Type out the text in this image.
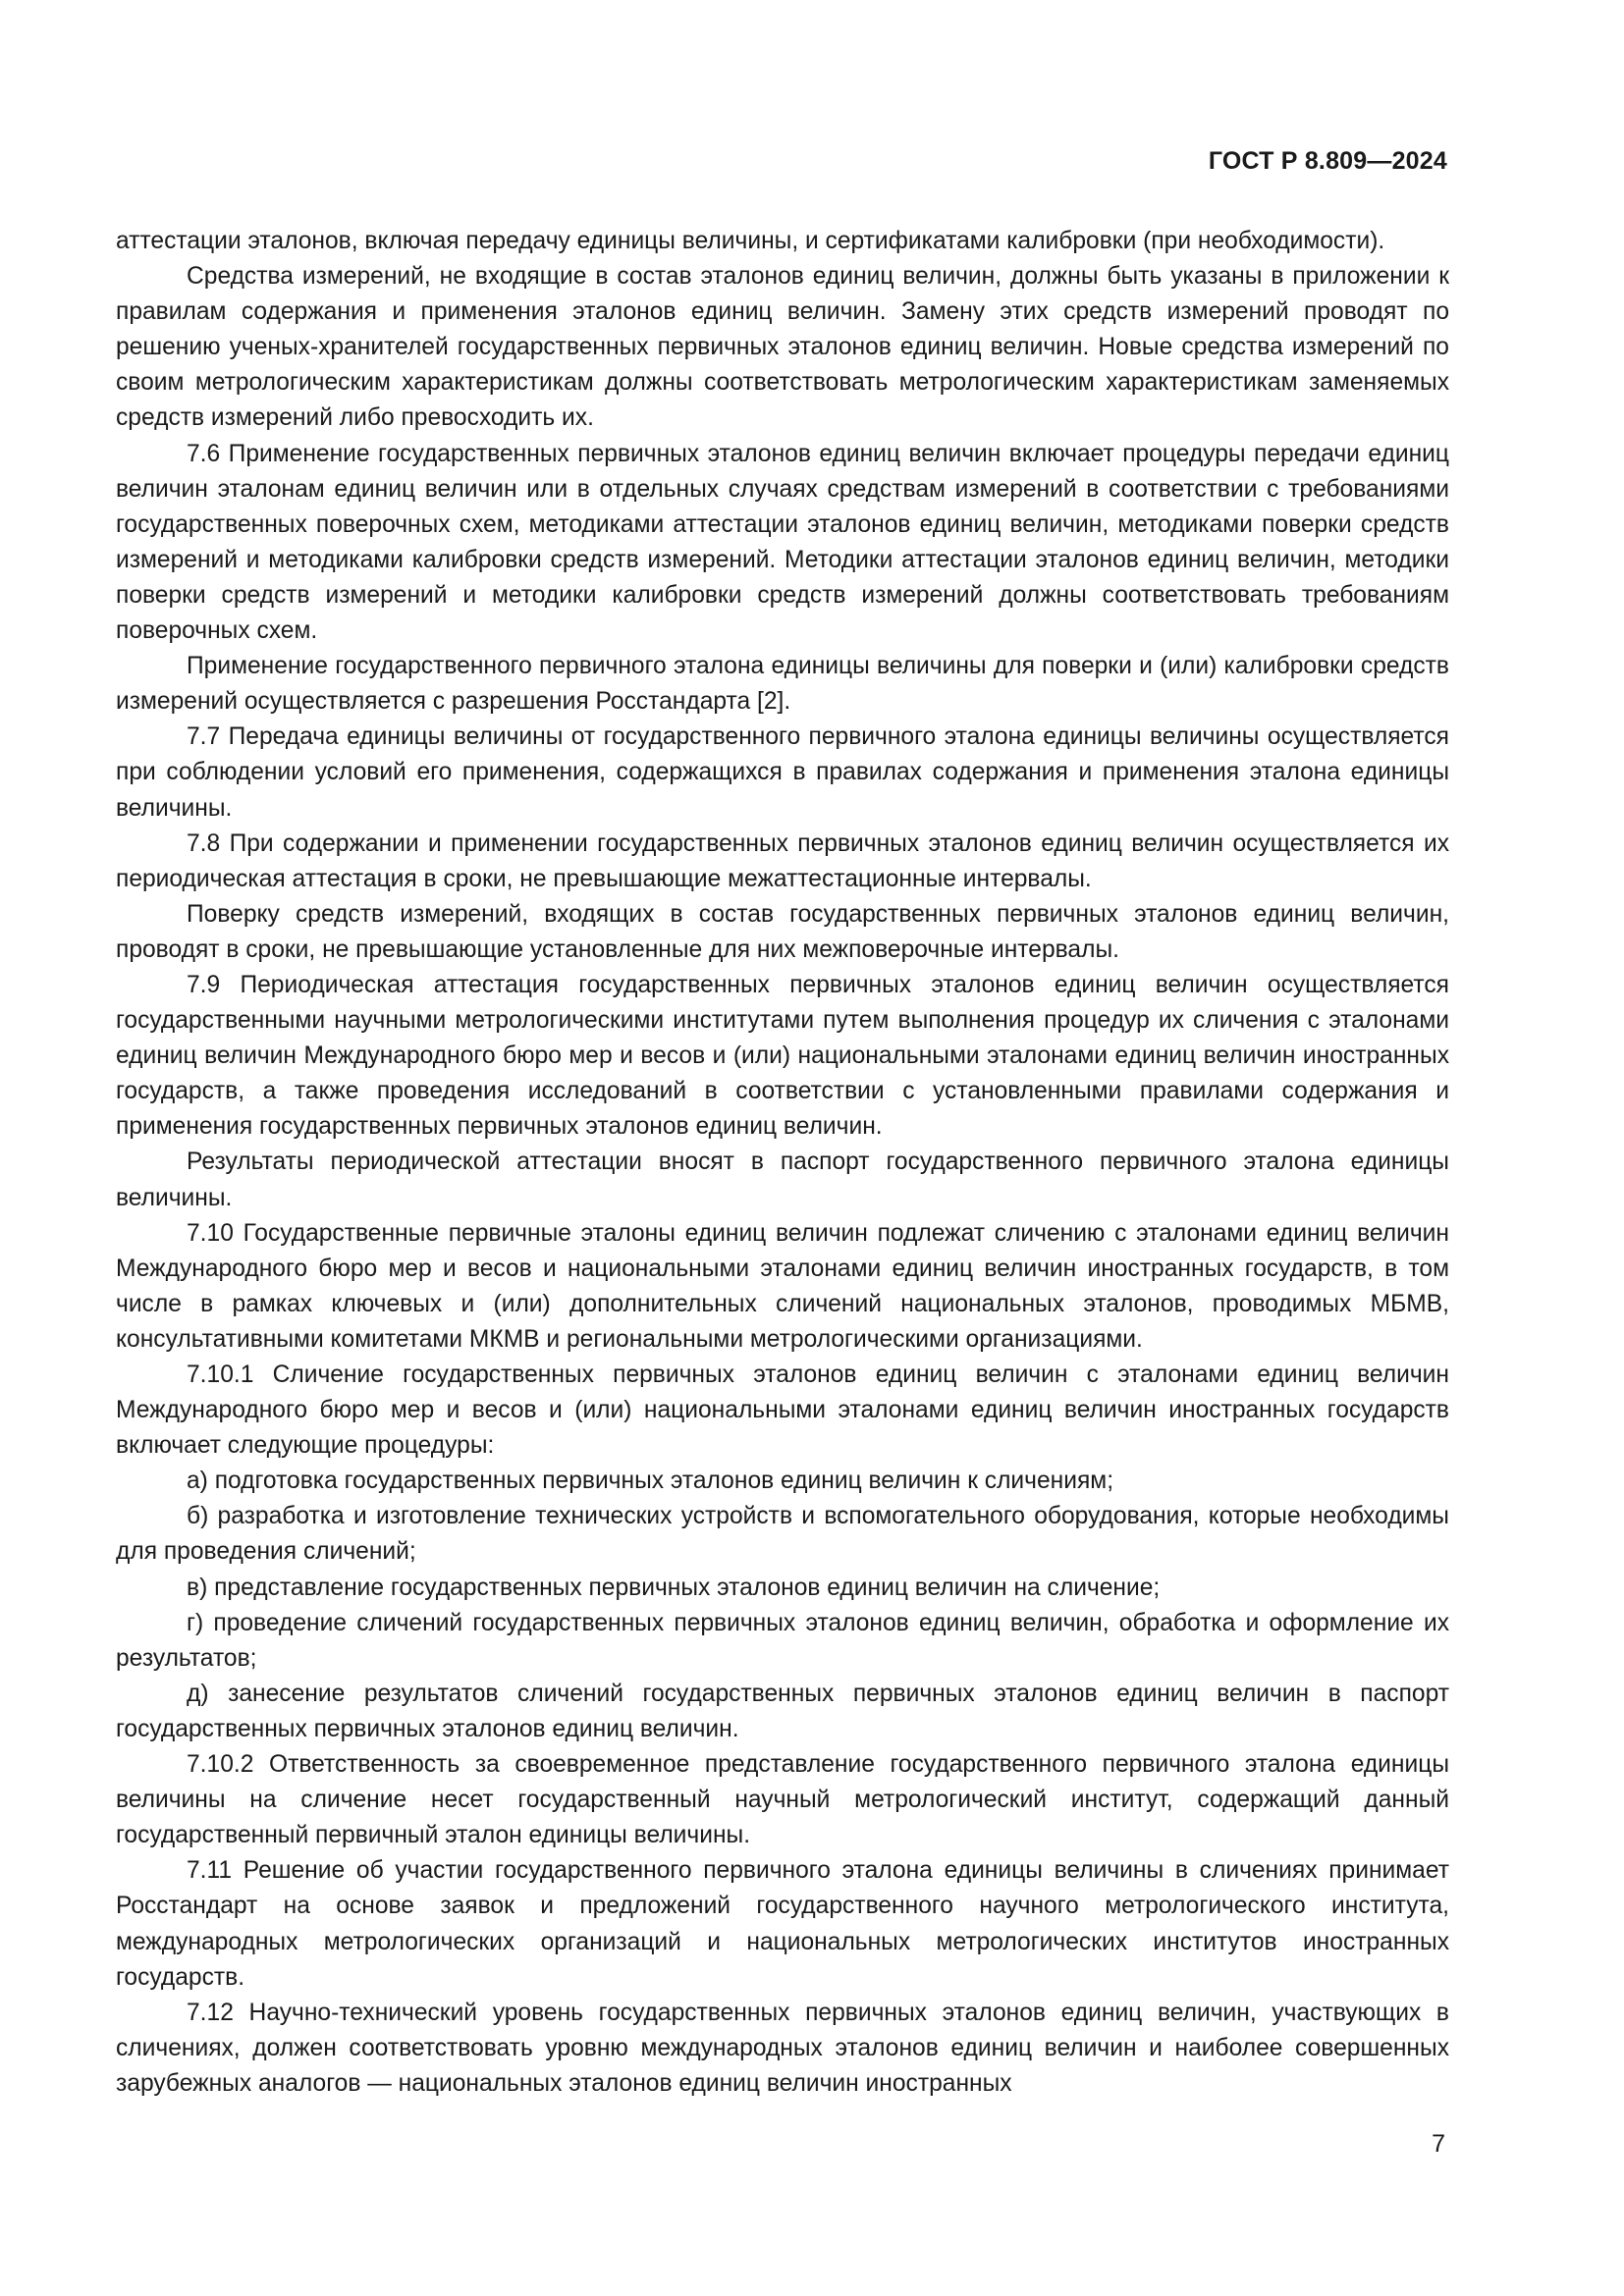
ГОСТ Р 8.809—2024

аттестации эталонов, включая передачу единицы величины, и сертификатами калибровки (при необходимости).

Средства измерений, не входящие в состав эталонов единиц величин, должны быть указаны в приложении к правилам содержания и применения эталонов единиц величин. Замену этих средств измерений проводят по решению ученых-хранителей государственных первичных эталонов единиц величин. Новые средства измерений по своим метрологическим характеристикам должны соответствовать метрологическим характеристикам заменяемых средств измерений либо превосходить их.

7.6 Применение государственных первичных эталонов единиц величин включает процедуры передачи единиц величин эталонам единиц величин или в отдельных случаях средствам измерений в соответствии с требованиями государственных поверочных схем, методиками аттестации эталонов единиц величин, методиками поверки средств измерений и методиками калибровки средств измерений. Методики аттестации эталонов единиц величин, методики поверки средств измерений и методики калибровки средств измерений должны соответствовать требованиям поверочных схем.

Применение государственного первичного эталона единицы величины для поверки и (или) калибровки средств измерений осуществляется с разрешения Росстандарта [2].

7.7 Передача единицы величины от государственного первичного эталона единицы величины осуществляется при соблюдении условий его применения, содержащихся в правилах содержания и применения эталона единицы величины.

7.8 При содержании и применении государственных первичных эталонов единиц величин осуществляется их периодическая аттестация в сроки, не превышающие межаттестационные интервалы.

Поверку средств измерений, входящих в состав государственных первичных эталонов единиц величин, проводят в сроки, не превышающие установленные для них межповерочные интервалы.

7.9 Периодическая аттестация государственных первичных эталонов единиц величин осуществляется государственными научными метрологическими институтами путем выполнения процедур их сличения с эталонами единиц величин Международного бюро мер и весов и (или) национальными эталонами единиц величин иностранных государств, а также проведения исследований в соответствии с установленными правилами содержания и применения государственных первичных эталонов единиц величин.

Результаты периодической аттестации вносят в паспорт государственного первичного эталона единицы величины.

7.10 Государственные первичные эталоны единиц величин подлежат сличению с эталонами единиц величин Международного бюро мер и весов и национальными эталонами единиц величин иностранных государств, в том числе в рамках ключевых и (или) дополнительных сличений национальных эталонов, проводимых МБМВ, консультативными комитетами МКМВ и региональными метрологическими организациями.

7.10.1 Сличение государственных первичных эталонов единиц величин с эталонами единиц величин Международного бюро мер и весов и (или) национальными эталонами единиц величин иностранных государств включает следующие процедуры:

а) подготовка государственных первичных эталонов единиц величин к сличениям;

б) разработка и изготовление технических устройств и вспомогательного оборудования, которые необходимы для проведения сличений;

в) представление государственных первичных эталонов единиц величин на сличение;

г) проведение сличений государственных первичных эталонов единиц величин, обработка и оформление их результатов;

д) занесение результатов сличений государственных первичных эталонов единиц величин в паспорт государственных первичных эталонов единиц величин.

7.10.2 Ответственность за своевременное представление государственного первичного эталона единицы величины на сличение несет государственный научный метрологический институт, содержащий данный государственный первичный эталон единицы величины.

7.11 Решение об участии государственного первичного эталона единицы величины в сличениях принимает Росстандарт на основе заявок и предложений государственного научного метрологического института, международных метрологических организаций и национальных метрологических институтов иностранных государств.

7.12 Научно-технический уровень государственных первичных эталонов единиц величин, участвующих в сличениях, должен соответствовать уровню международных эталонов единиц величин и наиболее совершенных зарубежных аналогов — национальных эталонов единиц величин иностранных

7
